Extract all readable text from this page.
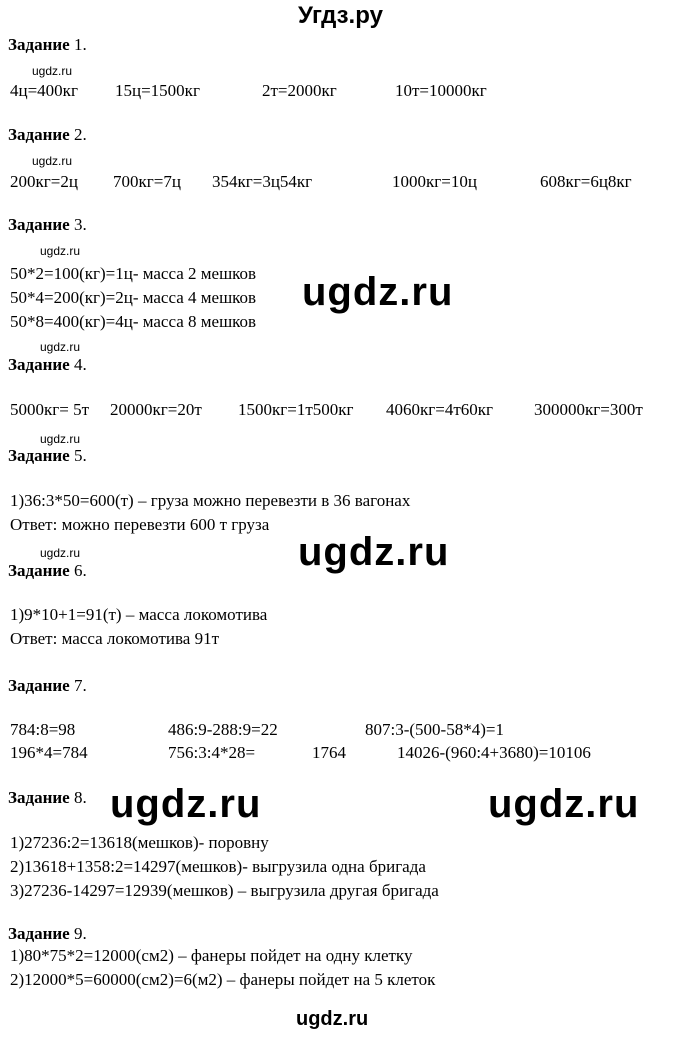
Угдз.ру
Задание 1.
ugdz.ru
4ц=400кг 15ц=1500кг	2т=2000кг	10т=10000кг
Задание 2.
ugdz.ru
200кг=2ц 700кг=7ц 354кг=3ц54кг	1000кг=10ц	608кг=6ц8кг
Задание 3.
ugdz.ru
50*2=100(кг)=1ц- масса 2 мешков
50*4=200(кг)=2ц- масса 4 мешков
50*8=400(кг)=4ц- масса 8 мешков
ugdz.ru
ugdz.ru
Задание 4.
5000кг= 5т 20000кг=20т 1500кг=1т500кг 4060кг=4т60кг 300000кг=300т
ugdz.ru
Задание 5.
1)36:3*50=600(т) – груза можно перевезти в 36 вагонах
Ответ: можно перевезти 600 т груза
ugdz.ru
ugdz.ru
Задание 6.
1)9*10+1=91(т) – масса локомотива
Ответ: масса локомотива 91т
Задание 7.
784:8=98	486:9-288:9=22	807:3-(500-58*4)=1
196*4=784	756:3:4*28=	1764	14026-(960:4+3680)=10106
Задание 8. ugdz.ru	ugdz.ru
1)27236:2=13618(мешков)- поровну
2)13618+1358:2=14297(мешков)- выгрузила одна бригада
3)27236-14297=12939(мешков) – выгрузила другая бригада
Задание 9.
1)80*75*2=12000(см2) – фанеры пойдет на одну клетку
2)12000*5=60000(см2)=6(м2) – фанеры пойдет на 5 клеток
ugdz.ru
